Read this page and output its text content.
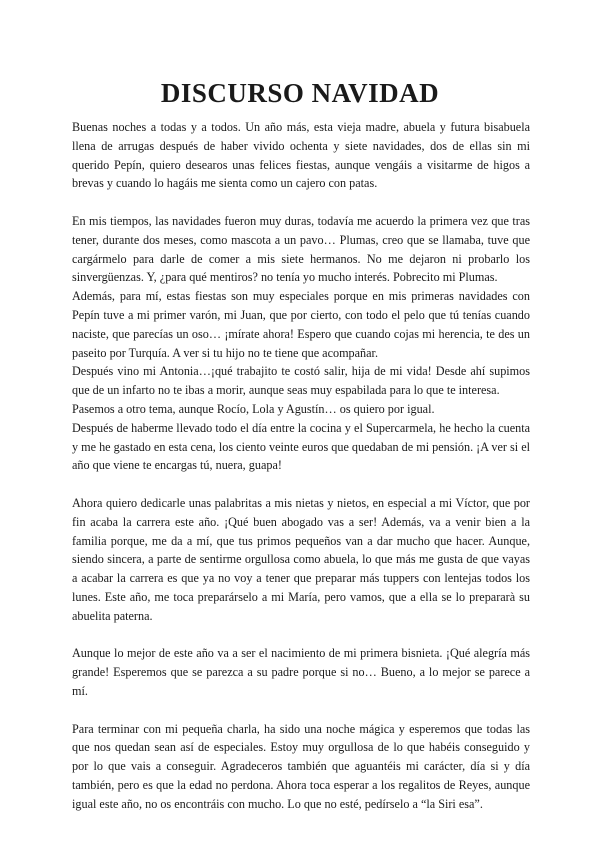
DISCURSO NAVIDAD

Buenas noches a todas y a todos. Un año más, esta vieja madre, abuela y futura bisabuela llena de arrugas después de haber vivido ochenta y siete navidades, dos de ellas sin mi querido Pepín, quiero desearos unas felices fiestas, aunque vengáis a visitarme de higos a brevas y cuando lo hagáis me sienta como un cajero con patas.

En mis tiempos, las navidades fueron muy duras, todavía me acuerdo la primera vez que tras tener, durante dos meses, como mascota a un pavo… Plumas, creo que se llamaba, tuve que cargármelo para darle de comer a mis siete hermanos. No me dejaron ni probarlo los sinvergüenzas. Y, ¿para qué mentiros? no tenía yo mucho interés. Pobrecito mi Plumas.

Además, para mí, estas fiestas son muy especiales porque en mis primeras navidades con Pepín tuve a mi primer varón, mi Juan, que por cierto, con todo el pelo que tú tenías cuando naciste, que parecías un oso… ¡mírate ahora! Espero que cuando cojas mi herencia, te des un paseito por Turquía. A ver si tu hijo no te tiene que acompañar.

Después vino mi Antonia…¡qué trabajito te costó salir, hija de mi vida! Desde ahí supimos que de un infarto no te ibas a morir, aunque seas muy espabilada para lo que te interesa.

Pasemos a otro tema, aunque Rocío, Lola y Agustín… os quiero por igual.

Después de haberme llevado todo el día entre la cocina y el Supercarmela, he hecho la cuenta y me he gastado en esta cena, los ciento veinte euros que quedaban de mi pensión. ¡A ver si el año que viene te encargas tú, nuera, guapa!

Ahora quiero dedicarle unas palabritas a mis nietas y nietos, en especial a mi Víctor, que por fin acaba la carrera este año. ¡Qué buen abogado vas a ser! Además, va a venir bien a la familia porque, me da a mí, que tus primos pequeños van a dar mucho que hacer. Aunque, siendo sincera, a parte de sentirme orgullosa como abuela, lo que más me gusta de que vayas a acabar la carrera es que ya no voy a tener que preparar más tuppers con lentejas todos los lunes. Este año, me toca preparárselo a mi María, pero vamos, que a ella se lo prepararà su abuelita paterna.

Aunque lo mejor de este año va a ser el nacimiento de mi primera bisnieta. ¡Qué alegría más grande! Esperemos que se parezca a su padre porque si no… Bueno, a lo mejor se parece a mí.

Para terminar con mi pequeña charla, ha sido una noche mágica y esperemos que todas las que nos quedan sean así de especiales. Estoy muy orgullosa de lo que habéis conseguido y por lo que vais a conseguir. Agradeceros también que aguantéis mi carácter, día si y día también, pero es que la edad no perdona. Ahora toca esperar a los regalitos de Reyes, aunque igual este año, no os encontráis con mucho. Lo que no esté, pedírselo a “la Siri esa”.
